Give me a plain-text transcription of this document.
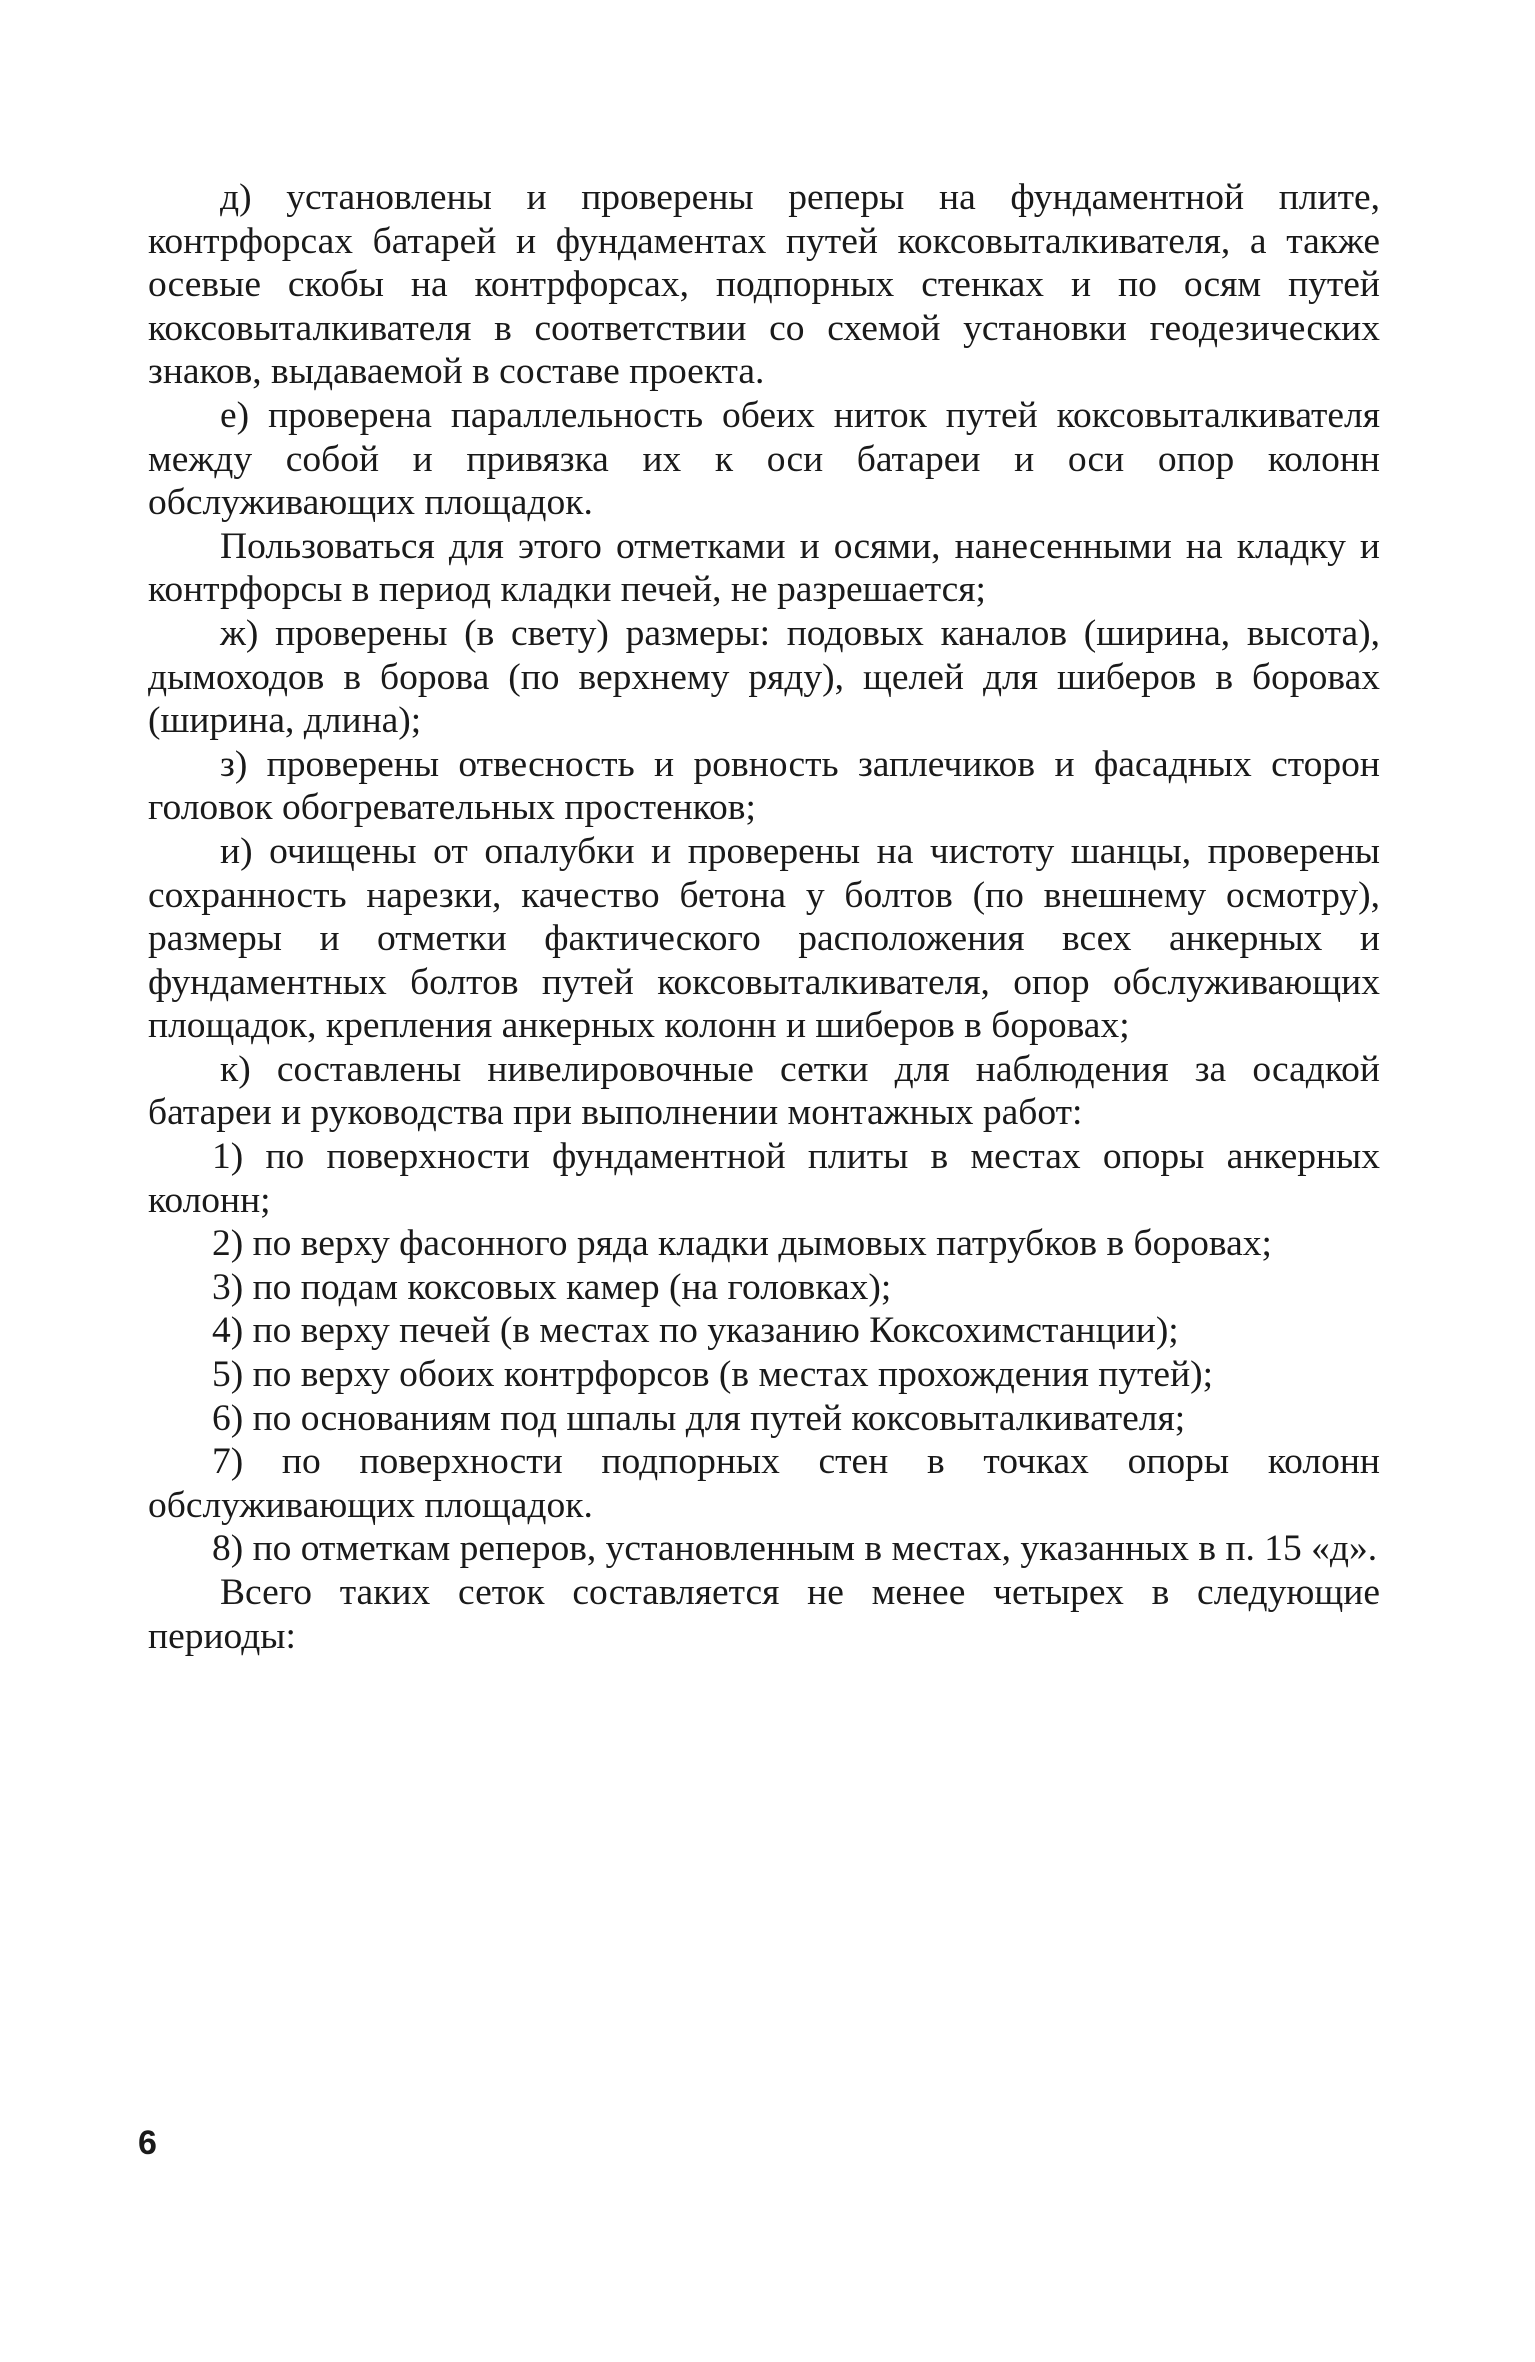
д) установлены и проверены реперы на фундаментной плите, контрфорсах батарей и фундаментах путей коксовыталкивателя, а также осевые скобы на контрфорсах, подпорных стенках и по осям путей коксовыталкивателя в соответствии со схемой установки геодезических знаков, выдаваемой в составе проекта.

е) проверена параллельность обеих ниток путей коксовыталкивателя между собой и привязка их к оси батареи и оси опор колонн обслуживающих площадок.

Пользоваться для этого отметками и осями, нанесенными на кладку и контрфорсы в период кладки печей, не разрешается;

ж) проверены (в свету) размеры: подовых каналов (ширина, высота), дымоходов в борова (по верхнему ряду), щелей для шиберов в боровах (ширина, длина);

з) проверены отвесность и ровность заплечиков и фасадных сторон головок обогревательных простенков;

и) очищены от опалубки и проверены на чистоту шанцы, проверены сохранность нарезки, качество бетона у болтов (по внешнему осмотру), размеры и отметки фактического расположения всех анкерных и фундаментных болтов путей коксовыталкивателя, опор обслуживающих площадок, крепления анкерных колонн и шиберов в боровах;

к) составлены нивелировочные сетки для наблюдения за осадкой батареи и руководства при выполнении монтажных работ:

1) по поверхности фундаментной плиты в местах опоры анкерных колонн;

2) по верху фасонного ряда кладки дымовых патрубков в боровах;

3) по подам коксовых камер (на головках);

4) по верху печей (в местах по указанию Коксохимстанции);

5) по верху обоих контрфорсов (в местах прохождения путей);

6) по основаниям под шпалы для путей коксовыталкивателя;

7) по поверхности подпорных стен в точках опоры колонн обслуживающих площадок.

8) по отметкам реперов, установленным в местах, указанных в п. 15 «д».

Всего таких сеток составляется не менее четырех в следующие периоды:

6
